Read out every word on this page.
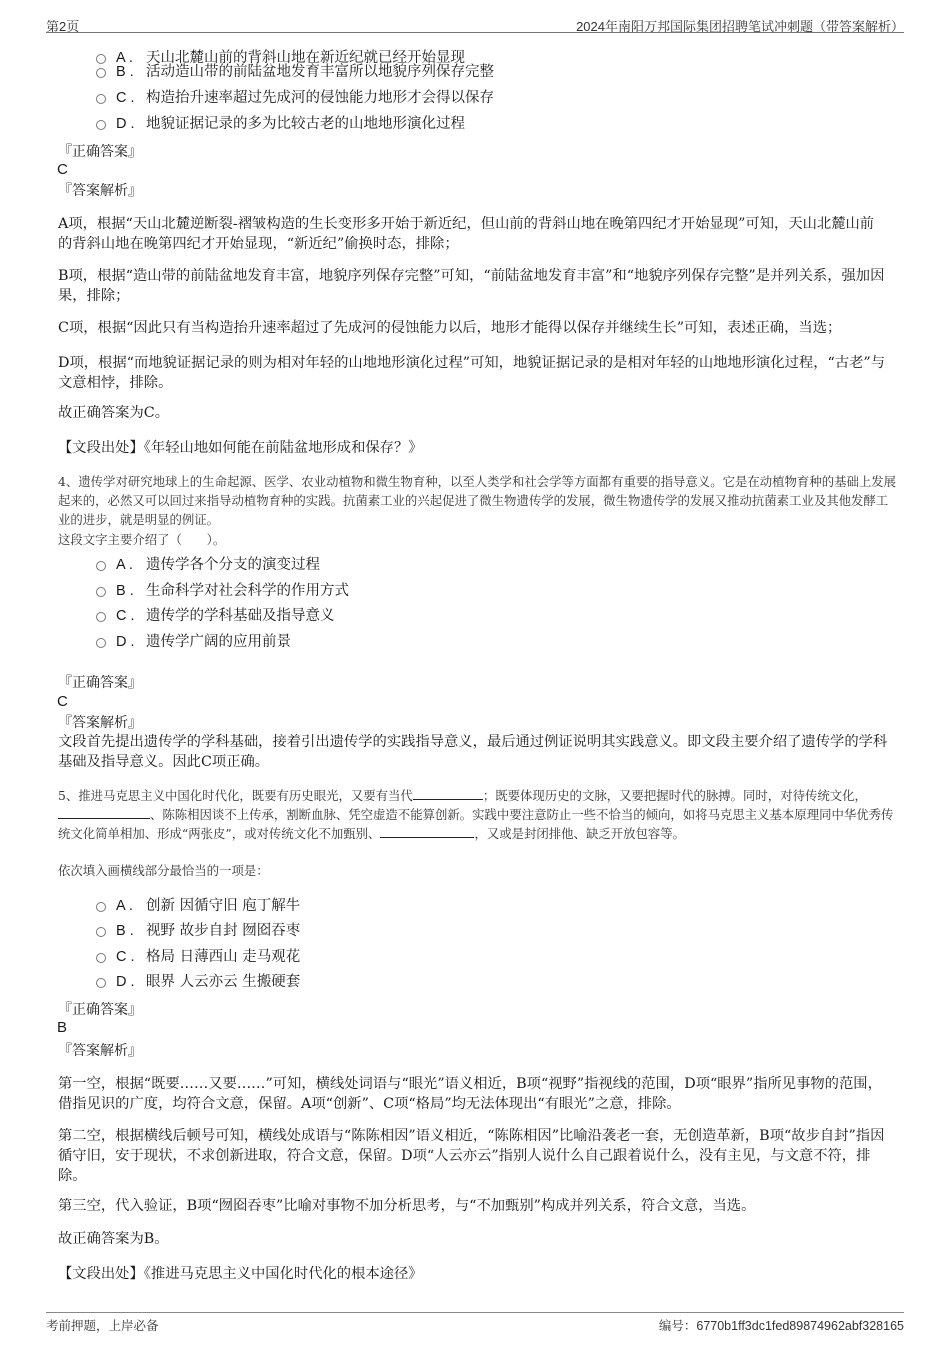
第2页	2024年南阳万邦国际集团招聘笔试冲刺题（带答案解析）
A . 天山北麓山前的背斜山地在新近纪就已经开始显现
B . 活动造山带的前陆盆地发育丰富所以地貌序列保存完整
C . 构造抬升速率超过先成河的侵蚀能力地形才会得以保存
D . 地貌证据记录的多为比较古老的山地地形演化过程
『正确答案』
C
『答案解析』
A项，根据“天山北麓逆断裂-褶皱构造的生长变形多开始于新近纪，但山前的背斜山地在晚第四纪才开始显现”可知，天山北麓山前的背斜山地在晚第四纪才开始显现，“新近纪”偷换时态，排除；
B项，根据“造山带的前陆盆地发育丰富，地貌序列保存完整”可知，“前陆盆地发育丰富”和“地貌序列保存完整”是并列关系，强加因果，排除；
C项，根据“因此只有当构造抬升速率超过了先成河的侵蚀能力以后，地形才能得以保存并继续生长”可知，表述正确，当选；
D项，根据“而地貌证据记录的则为相对年轻的山地地形演化过程”可知，地貌证据记录的是相对年轻的山地地形演化过程，“古老”与文意相悖，排除。
故正确答案为C。
【文段出处】《年轻山地如何能在前陆盆地形成和保存？》
4、遗传学对研究地球上的生命起源、医学、农业动植物和微生物育种，以至人类学和社会学等方面都有重要的指导意义。它是在动植物育种的基础上发展起来的，必然又可以回过来指导动植物育种的实践。抗菌素工业的兴起促进了微生物遗传学的发展，微生物遗传学的发展又推动抗菌素工业及其他发酵工业的进步，就是明显的例证。
这段文字主要介绍了（　　）。
A . 遗传学各个分支的演变过程
B . 生命科学对社会科学的作用方式
C . 遗传学的学科基础及指导意义
D . 遗传学广阔的应用前景
『正确答案』
C
『答案解析』
文段首先提出遗传学的学科基础，接着引出遗传学的实践指导意义，最后通过例证说明其实践意义。即文段主要介绍了遗传学的学科基础及指导意义。因此C项正确。
5、推进马克思主义中国化时代化，既要有历史眼光，又要有当代	；既要体现历史的文脉，又要把握时代的脉搏。同时，对待传统文化，、陈陈相因谈不上传承，割断血脉、凭空虚造不能算创新。实践中要注意防止一些不恰当的倾向，如将马克思主义基本原理同中华优秀传统文化简单相加、形成“两张皮”，或对传统文化不加甄别、	，又或是封闭排他、缺乏开放包容等。
依次填入画横线部分最恰当的一项是：
A . 创新 因循守旧 庖丁解牛
B . 视野 故步自封 囫囵吞枣
C . 格局 日薄西山 走马观花
D . 眼界 人云亦云 生搬硬套
『正确答案』
B
『答案解析』
第一空，根据“既要……又要……”可知，横线处词语与“眼光”语义相近，B项“视野”指视线的范围，D项“眼界”指所见事物的范围，借指见识的广度，均符合文意，保留。A项“创新”、C项“格局”均无法体现出“有眼光”之意，排除。
第二空，根据横线后顿号可知，横线处成语与“陈陈相因”语义相近，“陈陈相因”比喻沿袭老一套，无创造革新，B项“故步自封”指因循守旧，安于现状，不求创新进取，符合文意，保留。D项“人云亦云”指别人说什么自己跟着说什么，没有主见，与文意不符，排除。
第三空，代入验证，B项“囫囵吞枣”比喻对事物不加分析思考，与“不加甄别”构成并列关系，符合文意，当选。
故正确答案为B。
【文段出处】《推进马克思主义中国化时代化的根本途径》
考前押题，上岸必备	编号：6770b1ff3dc1fed89874962abf328165
